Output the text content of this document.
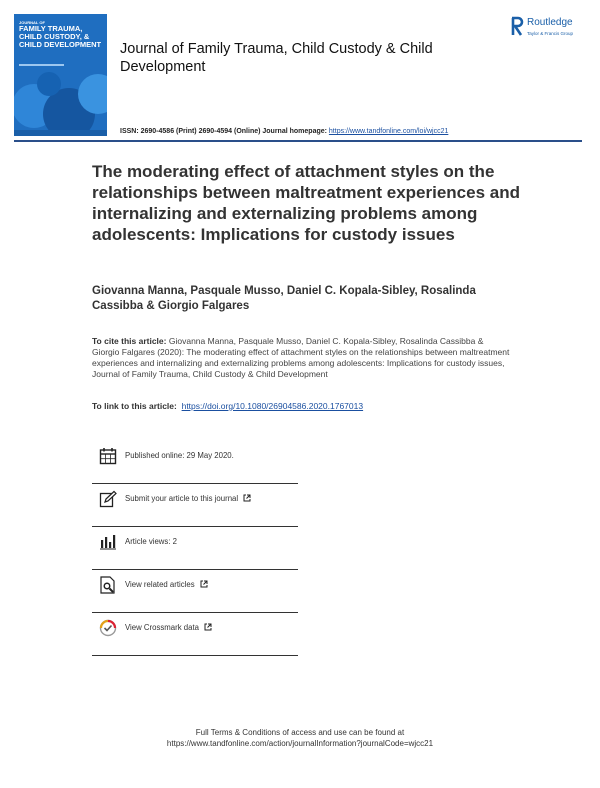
JOURNAL OF
FAMILY TRAUMA, CHILD CUSTODY, & CHILD DEVELOPMENT Journal of Family Trauma, Child Custody & Child Development
Routledge
Taylor & Francis Group
ISSN: 2690-4586 (Print) 2690-4594 (Online) Journal homepage: https://www.tandfonline.com/loi/wjcc21
The moderating effect of attachment styles on the relationships between maltreatment experiences and internalizing and externalizing problems among adolescents: Implications for custody issues
Giovanna Manna, Pasquale Musso, Daniel C. Kopala-Sibley, Rosalinda Cassibba & Giorgio Falgares
To cite this article: Giovanna Manna, Pasquale Musso, Daniel C. Kopala-Sibley, Rosalinda Cassibba & Giorgio Falgares (2020): The moderating effect of attachment styles on the relationships between maltreatment experiences and internalizing and externalizing problems among adolescents: Implications for custody issues, Journal of Family Trauma, Child Custody & Child Development
To link to this article: https://doi.org/10.1080/26904586.2020.1767013
Published online: 29 May 2020.
Submit your article to this journal
Article views: 2
View related articles
View Crossmark data
Full Terms & Conditions of access and use can be found at
https://www.tandfonline.com/action/journalInformation?journalCode=wjcc21
